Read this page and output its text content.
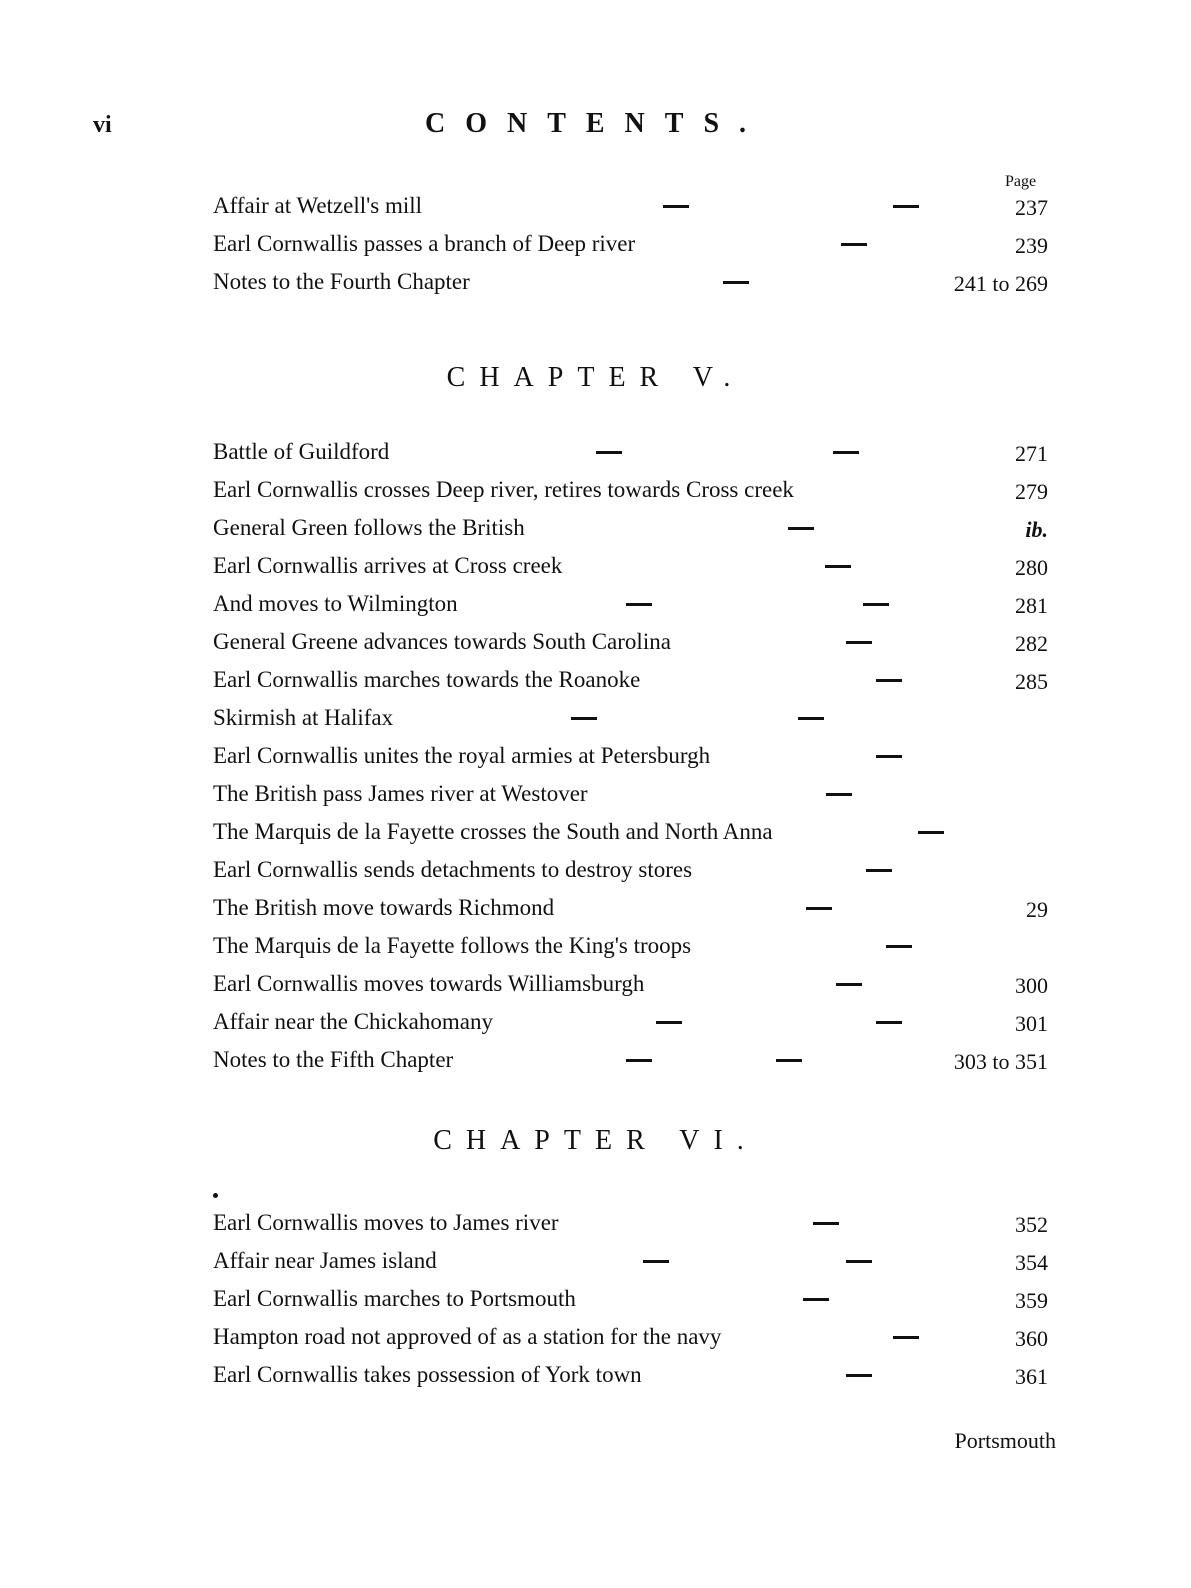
vi	CONTENTS.
Page
Affair at Wetzell's mill	237
Earl Cornwallis passes a branch of Deep river	239
Notes to the Fourth Chapter	241 to 269
CHAPTER V.
Battle of Guildford	271
Earl Cornwallis crosses Deep river, retires towards Cross creek	279
General Green follows the British	ib.
Earl Cornwallis arrives at Cross creek	280
And moves to Wilmington	281
General Greene advances towards South Carolina	282
Earl Cornwallis marches towards the Roanoke	285
Skirmish at Halifax
Earl Cornwallis unites the royal armies at Petersburgh
The British pass James river at Westover
The Marquis de la Fayette crosses the South and North Anna
Earl Cornwallis sends detachments to destroy stores
The British move towards Richmond	29
The Marquis de la Fayette follows the King's troops
Earl Cornwallis moves towards Williamsburgh	300
Affair near the Chickahomany	301
Notes to the Fifth Chapter	303 to 351
CHAPTER VI.
Earl Cornwallis moves to James river	352
Affair near James island	354
Earl Cornwallis marches to Portsmouth	359
Hampton road not approved of as a station for the navy	360
Earl Cornwallis takes possession of York town	361
Portsmouth
